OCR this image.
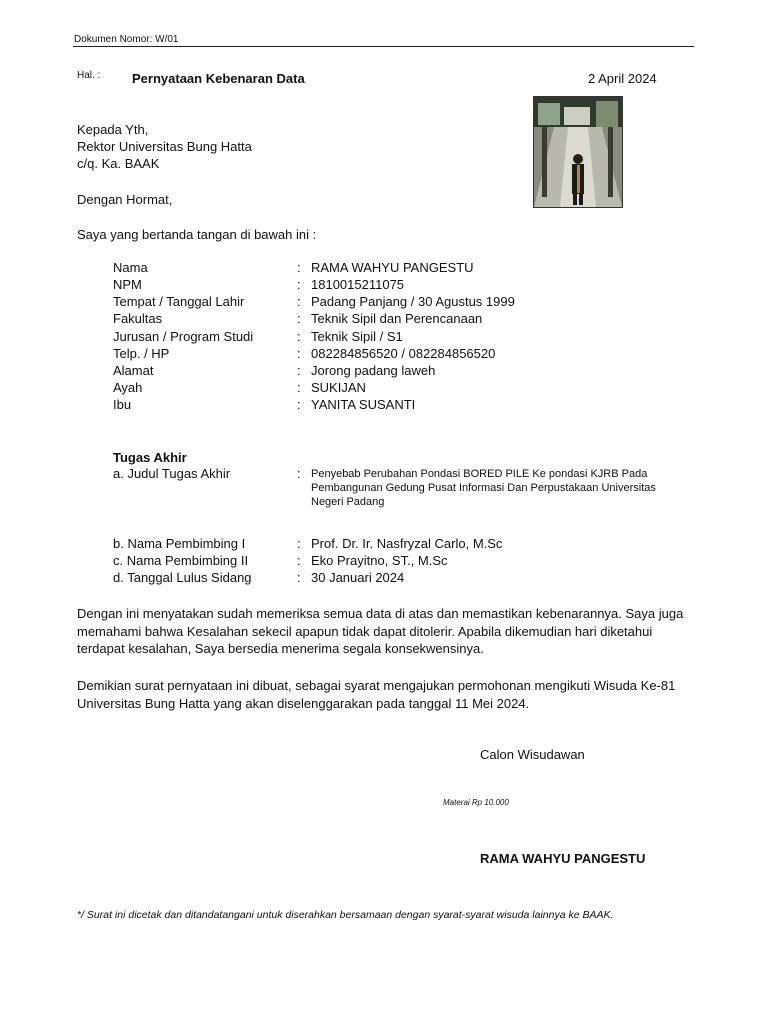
Dokumen Nomor: W/01
Hal. : Pernyataan Kebenaran Data	2 April 2024
Kepada Yth,
Rektor Universitas Bung Hatta
c/q. Ka. BAAK
Dengan Hormat,
Saya yang bertanda tangan di bawah ini :
Nama	: RAMA WAHYU PANGESTU
NPM	: 1810015211075
Tempat / Tanggal Lahir	: Padang Panjang / 30 Agustus 1999
Fakultas	: Teknik Sipil dan Perencanaan
Jurusan / Program Studi	: Teknik Sipil / S1
Telp. / HP	: 082284856520 / 082284856520
Alamat	: Jorong padang laweh
Ayah	: SUKIJAN
Ibu	: YANITA SUSANTI
Tugas Akhir
a. Judul Tugas Akhir	: Penyebab Perubahan Pondasi BORED PILE Ke pondasi KJRB Pada Pembangunan Gedung Pusat Informasi Dan Perpustakaan Universitas Negeri Padang
b. Nama Pembimbing I	: Prof. Dr. Ir. Nasfryzal Carlo, M.Sc
c. Nama Pembimbing II	: Eko Prayitno, ST., M.Sc
d. Tanggal Lulus Sidang	: 30 Januari 2024
Dengan ini menyatakan sudah memeriksa semua data di atas dan memastikan kebenarannya. Saya juga memahami bahwa Kesalahan sekecil apapun tidak dapat ditolerir. Apabila dikemudian hari diketahui terdapat kesalahan, Saya bersedia menerima segala konsekwensinya.
Demikian surat pernyataan ini dibuat, sebagai syarat mengajukan permohonan mengikuti Wisuda Ke-81 Universitas Bung Hatta yang akan diselenggarakan pada tanggal 11 Mei 2024.
Calon Wisudawan
Materai Rp 10.000
RAMA WAHYU PANGESTU
*/ Surat ini dicetak dan ditandatangani untuk diserahkan bersamaan dengan syarat-syarat wisuda lainnya ke BAAK.
